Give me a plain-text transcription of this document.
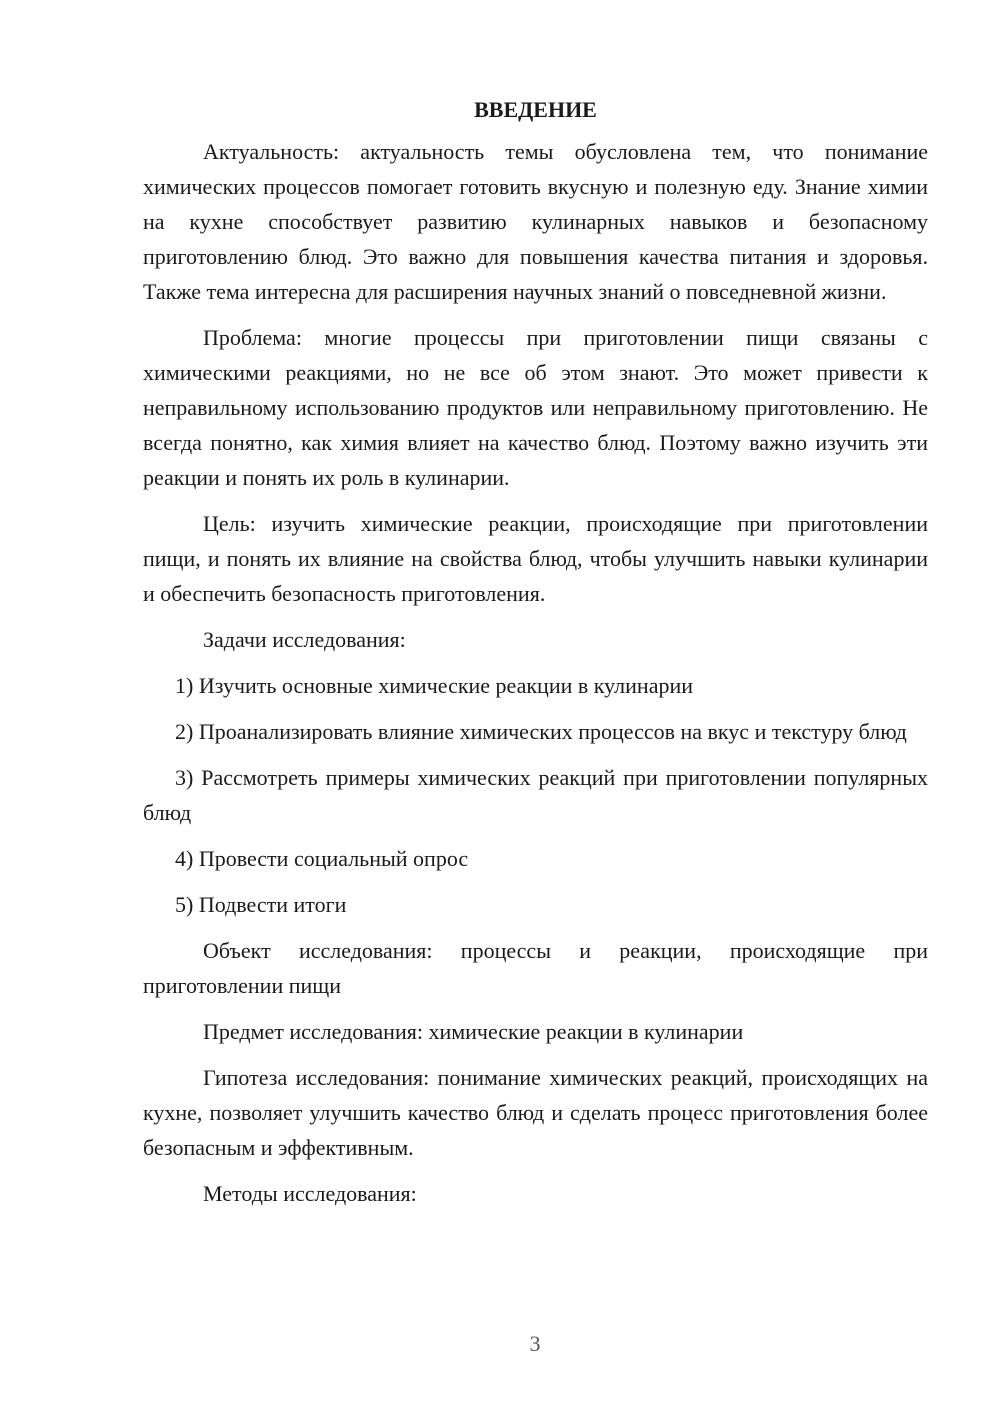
ВВЕДЕНИЕ

Актуальность: актуальность темы обусловлена тем, что понимание химических процессов помогает готовить вкусную и полезную еду. Знание химии на кухне способствует развитию кулинарных навыков и безопасному приготовлению блюд. Это важно для повышения качества питания и здоровья. Также тема интересна для расширения научных знаний о повседневной жизни.

Проблема: многие процессы при приготовлении пищи связаны с химическими реакциями, но не все об этом знают. Это может привести к неправильному использованию продуктов или неправильному приготовлению. Не всегда понятно, как химия влияет на качество блюд. Поэтому важно изучить эти реакции и понять их роль в кулинарии.

Цель: изучить химические реакции, происходящие при приготовлении пищи, и понять их влияние на свойства блюд, чтобы улучшить навыки кулинарии и обеспечить безопасность приготовления.

Задачи исследования:

1) Изучить основные химические реакции в кулинарии

2) Проанализировать влияние химических процессов на вкус и текстуру блюд

3) Рассмотреть примеры химических реакций при приготовлении популярных блюд

4) Провести социальный опрос

5) Подвести итоги

Объект исследования: процессы и реакции, происходящие при приготовлении пищи

Предмет исследования: химические реакции в кулинарии

Гипотеза исследования: понимание химических реакций, происходящих на кухне, позволяет улучшить качество блюд и сделать процесс приготовления более безопасным и эффективным.

Методы исследования:

3
